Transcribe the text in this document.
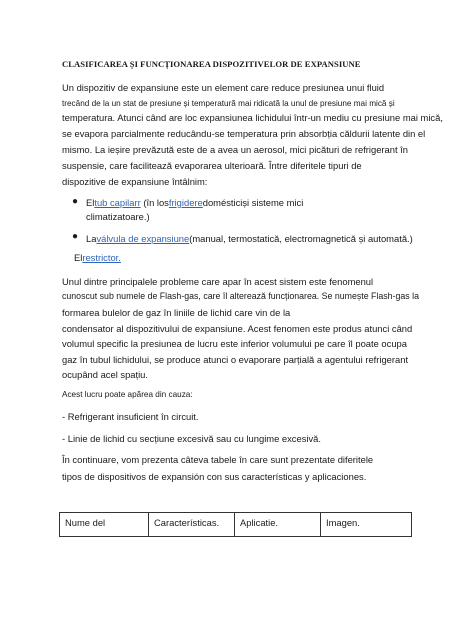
CLASIFICAREA ȘI FUNCȚIONAREA DISPOZITIVELOR DE EXPANSIUNE
Un dispozitiv de expansiune este un element care reduce presiunea unui fluid
trecând de la un stat de presiune și temperatură mai ridicată la unul de presiune mai mică și
temperatura. Atunci când are loc expansiunea lichidului într-un mediu cu presiune mai mică,
se evapora parcialmente reducându-se temperatura prin absorbția căldurii latente din el
mismo. La ieșire prevăzută este de a avea un aerosol, mici picături de refrigerant în
suspensie, care facilitează evaporarea ulterioară. Între diferitele tipuri de
dispozitive de expansiune întâlnim:
● Eltub capilarr (în losfrigideredomésticiși sisteme mici
climatizatoare.)
● Laválvula de expansiune(manual, termostatică, electromagnetică și automată.)
Elrestrictor.
Unul dintre principalele probleme care apar în acest sistem este fenomenul
cunoscut sub numele de Flash-gas, care îl alterează funcționarea. Se numește Flash-gas la
formarea bulelor de gaz în liniile de lichid care vin de la
condensator al dispozitivului de expansiune. Acest fenomen este produs atunci când
volumul specific la presiunea de lucru este inferior volumului pe care îl poate ocupa
gaz în tubul lichidului, se produce atunci o evaporare parțială a agentului refrigerant
ocupând acel spațiu.
Acest lucru poate apărea din cauza:
- Refrigerant insuficient în circuit.
- Linie de lichid cu secțiune excesivă sau cu lungime excesivă.
În continuare, vom prezenta câteva tabele în care sunt prezentate diferitele
tipos de dispositivos de expansión con sus características y aplicaciones.
Nume del	Características.	Aplicatie.	Imagen.
